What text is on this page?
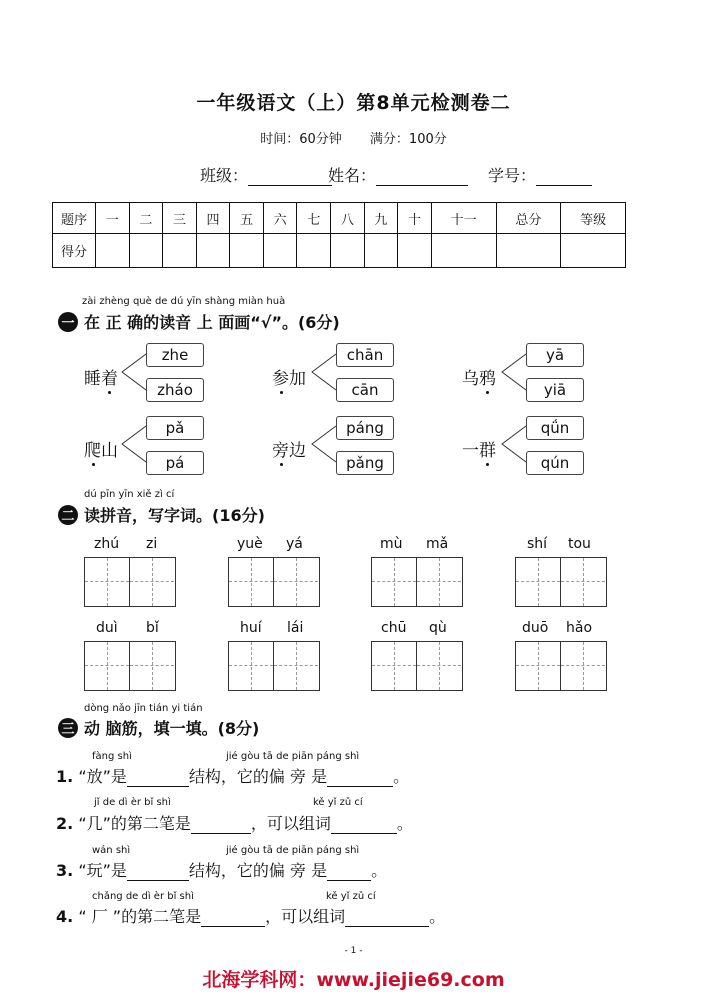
一年级语文（上）第8单元检测卷二
时间：60分钟 满分：100分
班级：	姓名：	学号：
题序	一	二	三	四	五	六	七	八	九	十	十一	总分	等级
得分													
zài zhèng què de dú yīn shàng miàn huà
一 在 正 确的读音 上 面画“√”。(6分)
睡着
zhe
zháo
参加
chān
cān
乌鸦
yā
yiā
爬山
pǎ
pá
旁边
páng
pǎng
一群
qǘn
qún
dú pīn yīn xiě zì cí
二 读拼音，写字词。(16分)
zhú zi	yuè yá	mù mǎ	shí tou
duì bǐ	huí lái	chū qù	duō hǎo
dòng nǎo jīn tián yi tián
三 动 脑筋，填一填。(8分)
fàng shì	jié gòu tā de piān páng shì
1. “放”是	结构，它的偏 旁 是	。
jǐ de dì èr bǐ shì	kě yǐ zǔ cí
2. “几”的第二笔是	，可以组词	。
wán shì	jié gòu tā de piān páng shì
3. “玩”是	结构，它的偏 旁 是	。
chǎng de dì èr bǐ shì	kě yǐ zǔ cí
4. “ 厂 ”的第二笔是	，可以组词	。
- 1 -
北海学科网：www.jiejie69.com
